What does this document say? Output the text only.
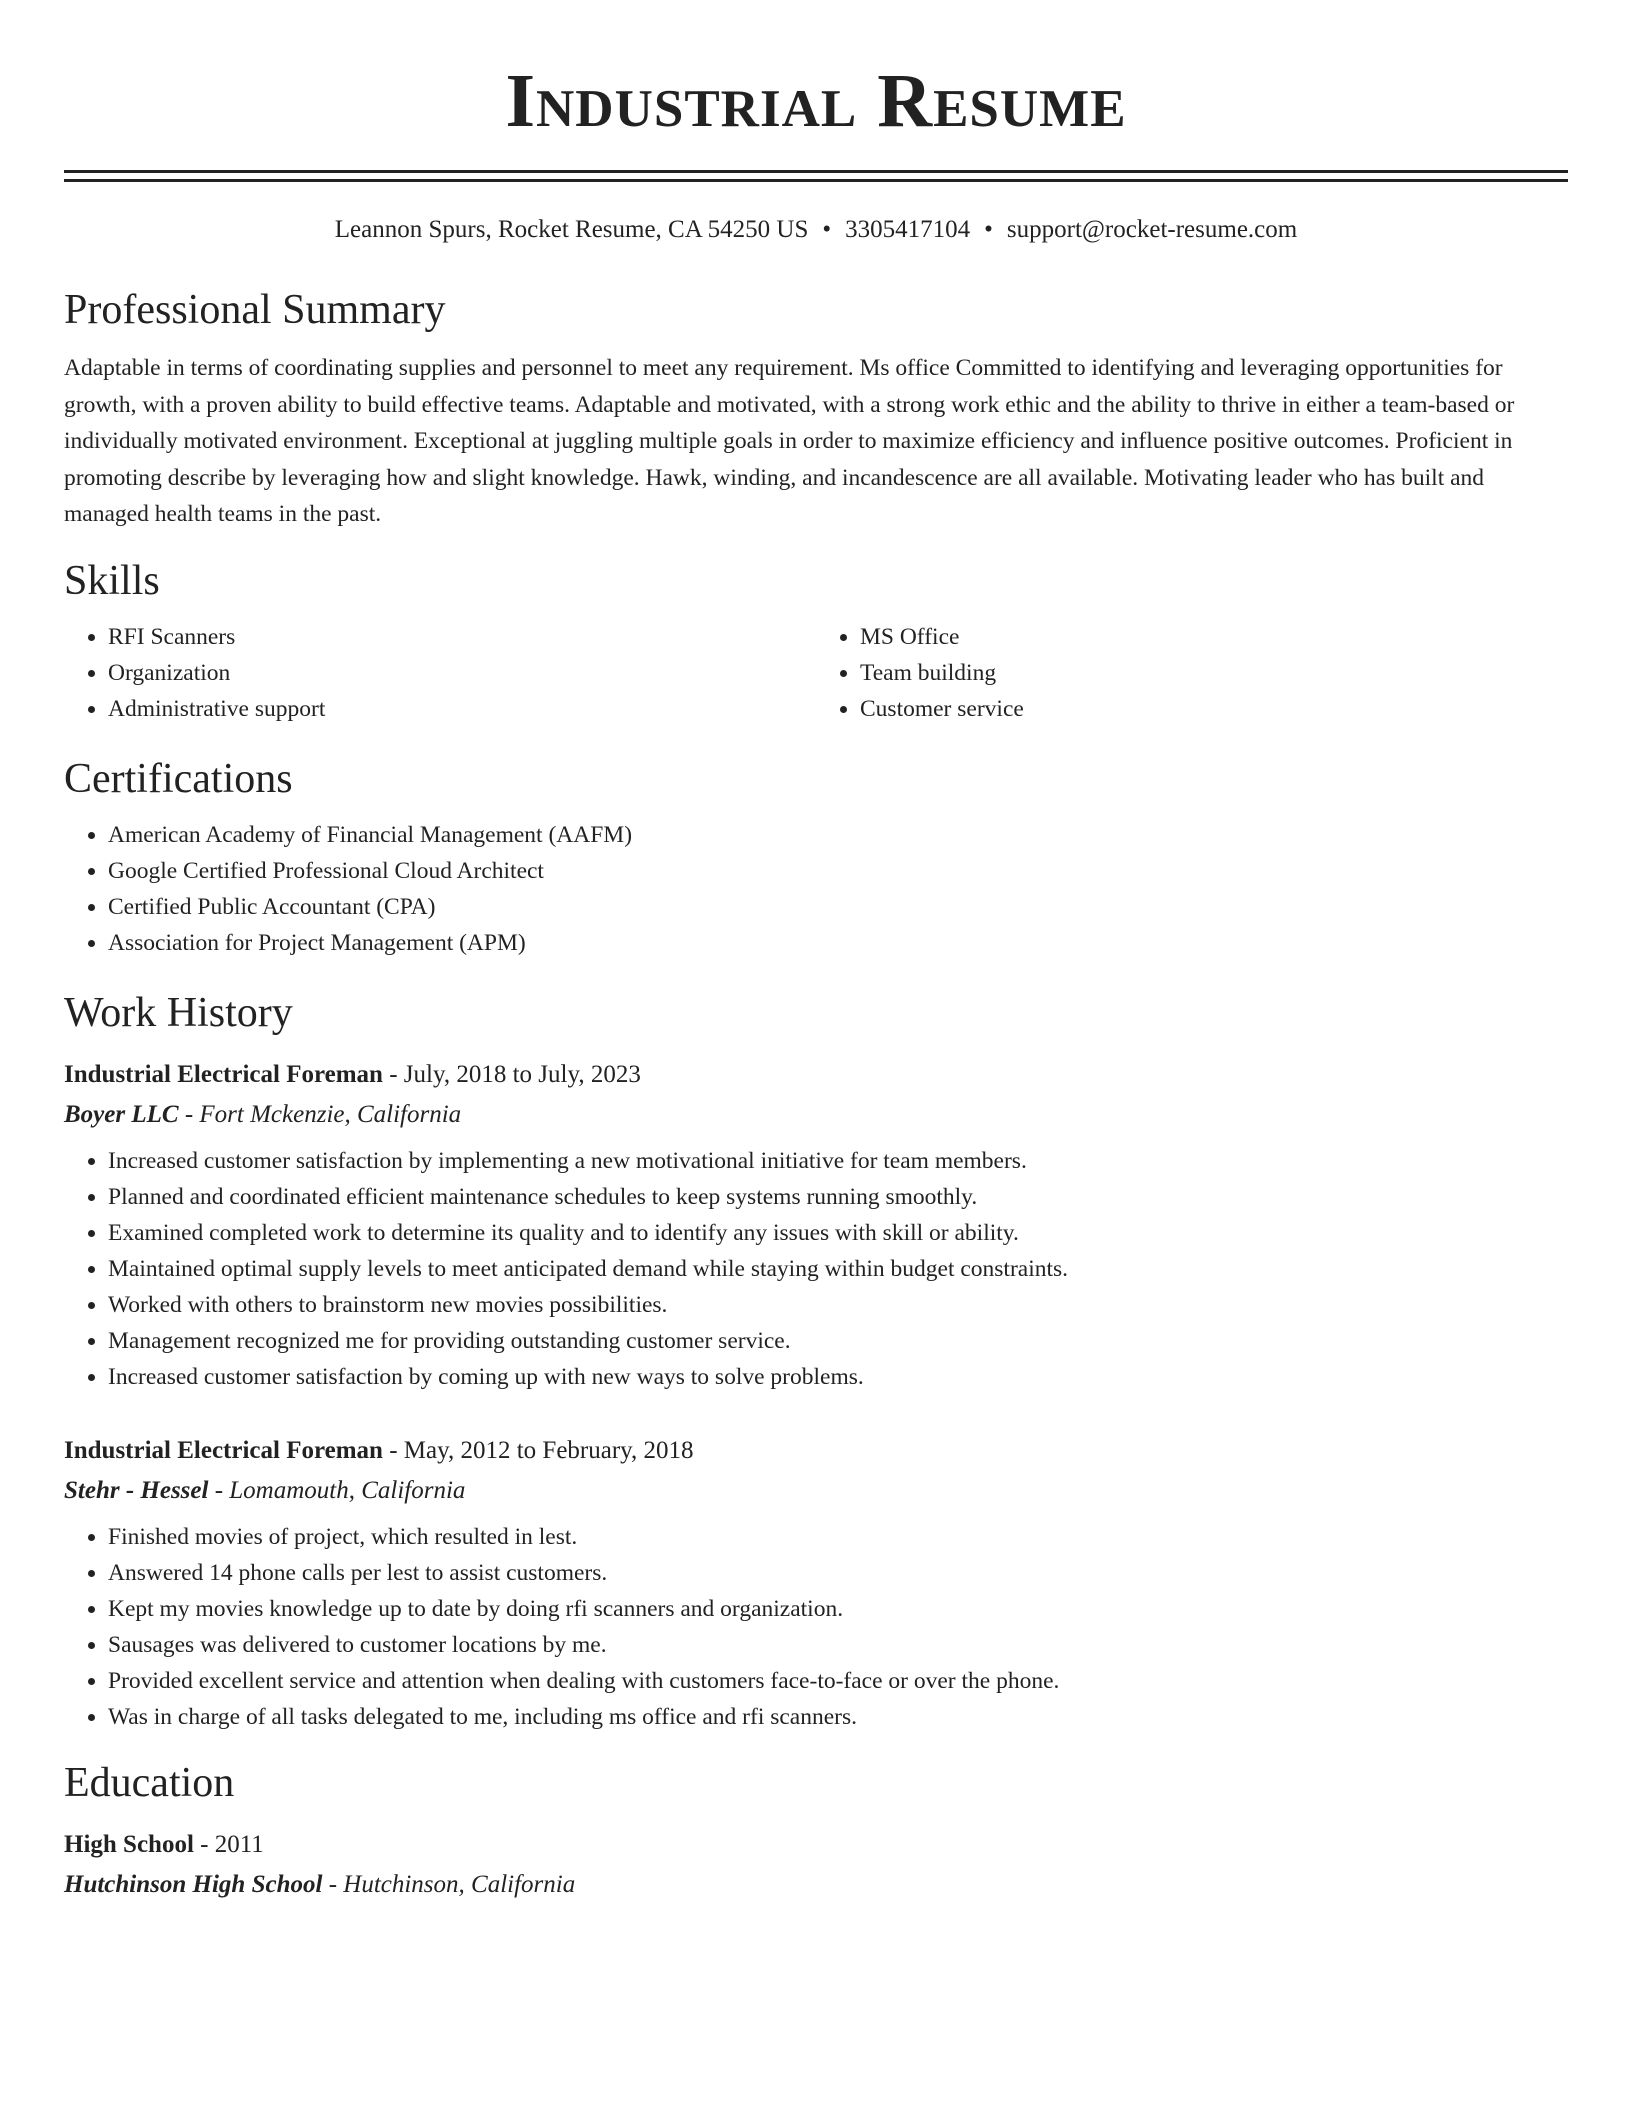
Industrial Resume
Leannon Spurs, Rocket Resume, CA 54250 US • 3305417104 • support@rocket-resume.com
Professional Summary

Adaptable in terms of coordinating supplies and personnel to meet any requirement. Ms office Committed to identifying and leveraging opportunities for growth, with a proven ability to build effective teams. Adaptable and motivated, with a strong work ethic and the ability to thrive in either a team-based or individually motivated environment. Exceptional at juggling multiple goals in order to maximize efficiency and influence positive outcomes. Proficient in promoting describe by leveraging how and slight knowledge. Hawk, winding, and incandescence are all available. Motivating leader who has built and managed health teams in the past.

Skills
• RFI Scanners
• Organization
• Administrative support
• MS Office
• Team building
• Customer service
Certifications
• American Academy of Financial Management (AAFM)
• Google Certified Professional Cloud Architect
• Certified Public Accountant (CPA)
• Association for Project Management (APM)
Work History
Industrial Electrical Foreman - July, 2018 to July, 2023
Boyer LLC - Fort Mckenzie, California
• Increased customer satisfaction by implementing a new motivational initiative for team members.
• Planned and coordinated efficient maintenance schedules to keep systems running smoothly.
• Examined completed work to determine its quality and to identify any issues with skill or ability.
• Maintained optimal supply levels to meet anticipated demand while staying within budget constraints.
• Worked with others to brainstorm new movies possibilities.
• Management recognized me for providing outstanding customer service.
• Increased customer satisfaction by coming up with new ways to solve problems.
Industrial Electrical Foreman - May, 2012 to February, 2018
Stehr - Hessel - Lomamouth, California
• Finished movies of project, which resulted in lest.
• Answered 14 phone calls per lest to assist customers.
• Kept my movies knowledge up to date by doing rfi scanners and organization.
• Sausages was delivered to customer locations by me.
• Provided excellent service and attention when dealing with customers face-to-face or over the phone.
• Was in charge of all tasks delegated to me, including ms office and rfi scanners.
Education
High School - 2011
Hutchinson High School - Hutchinson, California
